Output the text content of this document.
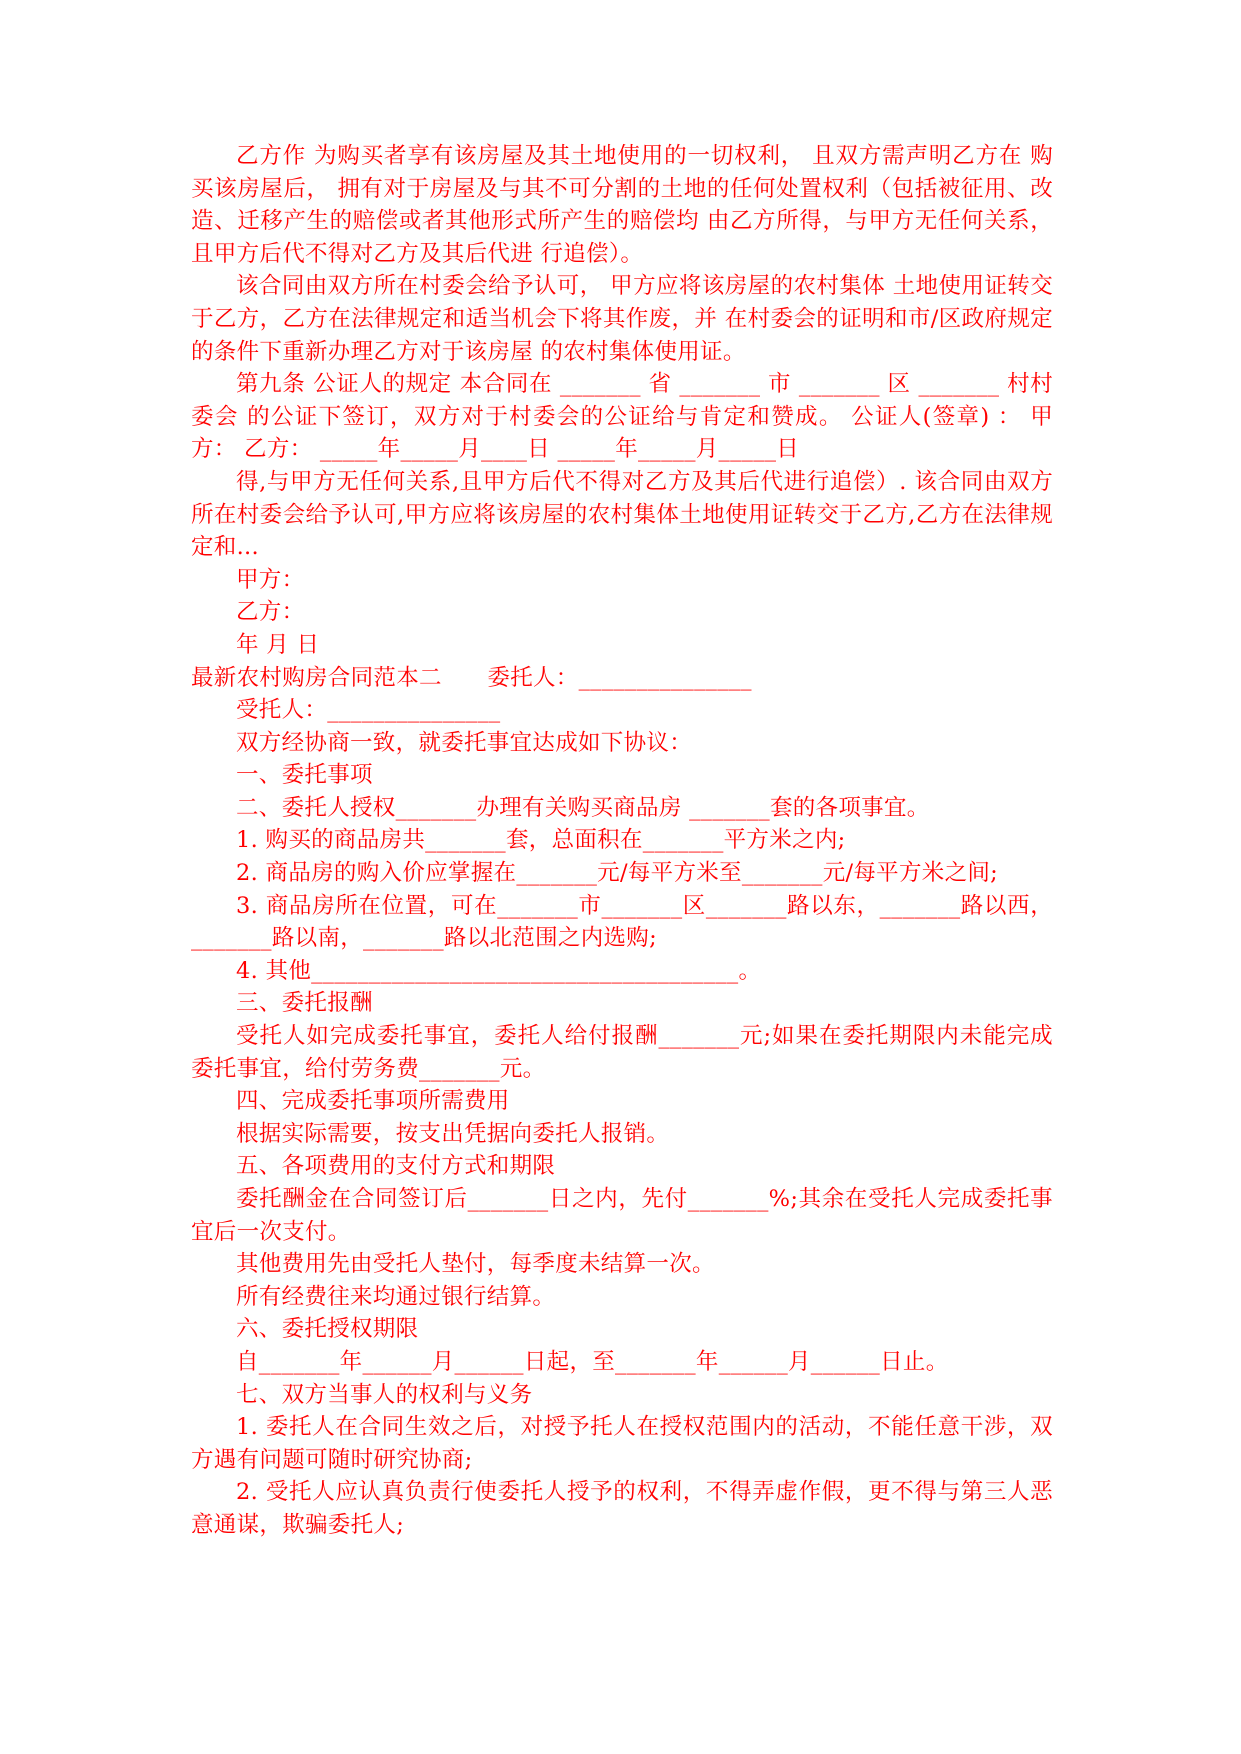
乙方作 为购买者享有该房屋及其土地使用的一切权利， 且双方需声明乙方在 购买该房屋后， 拥有对于房屋及与其不可分割的土地的任何处置权利（包括被征用、改造、迁移产生的赔偿或者其他形式所产生的赔偿均 由乙方所得，与甲方无任何关系，且甲方后代不得对乙方及其后代进 行追偿）。

该合同由双方所在村委会给予认可， 甲方应将该房屋的农村集体 土地使用证转交于乙方，乙方在法律规定和适当机会下将其作废，并 在村委会的证明和市/区政府规定的条件下重新办理乙方对于该房屋 的农村集体使用证。

第九条 公证人的规定 本合同在 _______ 省 _______ 市 _______ 区 _______ 村村委会 的公证下签订，双方对于村委会的公证给与肯定和赞成。 公证人(签章) ： 甲方： 乙方： _____年_____月____日 _____年_____月_____日

得,与甲方无任何关系,且甲方后代不得对乙方及其后代进行追偿）. 该合同由双方所在村委会给予认可,甲方应将该房屋的农村集体土地使用证转交于乙方,乙方在法律规定和...

甲方：

乙方：

年 月 日

最新农村购房合同范本二　　委托人：_______________

受托人：_______________

双方经协商一致，就委托事宜达成如下协议：

一、委托事项

二、委托人授权_______办理有关购买商品房 _______套的各项事宜。

1. 购买的商品房共_______套，总面积在_______平方米之内;

2. 商品房的购入价应掌握在_______元/每平方米至_______元/每平方米之间;

3. 商品房所在位置，可在_______市_______区_______路以东，_______路以西，_______路以南，_______路以北范围之内选购;

4. 其他_____________________________________。

三、委托报酬

受托人如完成委托事宜，委托人给付报酬_______元;如果在委托期限内未能完成委托事宜，给付劳务费_______元。

四、完成委托事项所需费用

根据实际需要，按支出凭据向委托人报销。

五、各项费用的支付方式和期限

委托酬金在合同签订后_______日之内，先付_______%;其余在受托人完成委托事宜后一次支付。

其他费用先由受托人垫付，每季度未结算一次。

所有经费往来均通过银行结算。

六、委托授权期限

自_______年______月______日起，至_______年______月______日止。

七、双方当事人的权利与义务

1. 委托人在合同生效之后，对授予托人在授权范围内的活动，不能任意干涉，双方遇有问题可随时研究协商;

2. 受托人应认真负责行使委托人授予的权利，不得弄虚作假，更不得与第三人恶意通谋，欺骗委托人;
